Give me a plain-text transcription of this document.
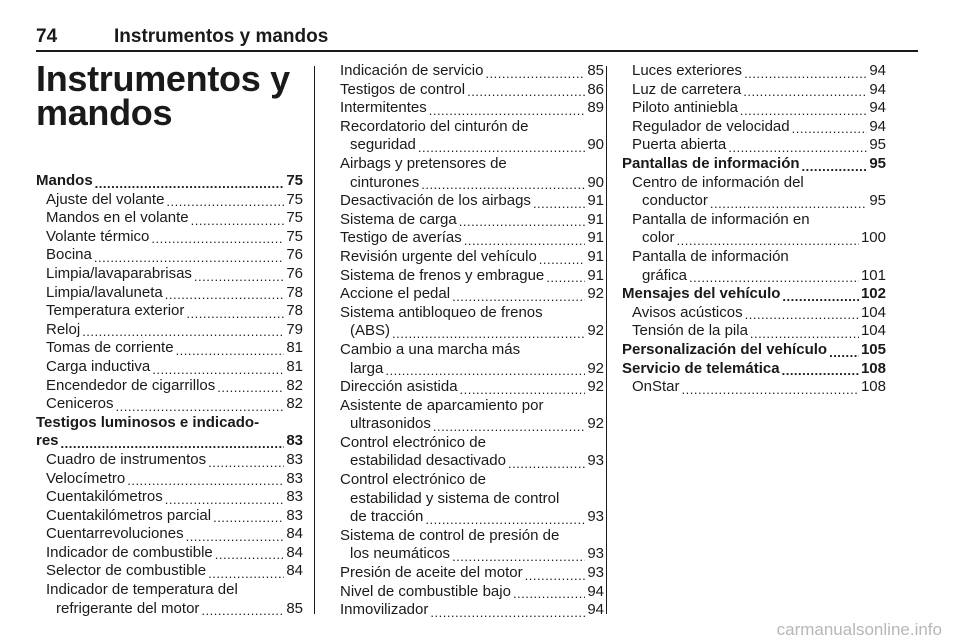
74	Instrumentos y mandos
Instrumentos y mandos
Mandos .....	75
Ajuste del volante .....	75
Mandos en el volante .....	75
Volante térmico .....	75
Bocina .....	76
Limpia/lavaparabrisas .....	76
Limpia/lavaluneta .....	78
Temperatura exterior .....	78
Reloj .....	79
Tomas de corriente .....	81
Carga inductiva .....	81
Encendedor de cigarrillos .....	82
Ceniceros .....	82
Testigos luminosos e indicado-
res .....	83
Cuadro de instrumentos .....	83
Velocímetro .....	83
Cuentakilómetros .....	83
Cuentakilómetros parcial .....	83
Cuentarrevoluciones .....	84
Indicador de combustible .....	84
Selector de combustible .....	84
Indicador de temperatura del
refrigerante del motor .....	85
Indicación de servicio .....	85
Testigos de control .....	86
Intermitentes .....	89
Recordatorio del cinturón de
seguridad .....	90
Airbags y pretensores de
cinturones .....	90
Desactivación de los airbags .....	91
Sistema de carga .....	91
Testigo de averías .....	91
Revisión urgente del vehículo .....	91
Sistema de frenos y embrague .....	91
Accione el pedal .....	92
Sistema antibloqueo de frenos
(ABS) .....	92
Cambio a una marcha más
larga .....	92
Dirección asistida .....	92
Asistente de aparcamiento por
ultrasonidos .....	92
Control electrónico de
estabilidad desactivado .....	93
Control electrónico de
estabilidad y sistema de control
de tracción .....	93
Sistema de control de presión de
los neumáticos .....	93
Presión de aceite del motor .....	93
Nivel de combustible bajo .....	94
Inmovilizador .....	94
Luces exteriores .....	94
Luz de carretera .....	94
Piloto antiniebla .....	94
Regulador de velocidad .....	94
Puerta abierta .....	95
Pantallas de información .....	95
Centro de información del
conductor .....	95
Pantalla de información en
color .....	100
Pantalla de información
gráfica .....	101
Mensajes del vehículo .....	102
Avisos acústicos .....	104
Tensión de la pila .....	104
Personalización del vehículo ..... 105
Servicio de telemática .....	108
OnStar .....	108
carmanualsonline.info
